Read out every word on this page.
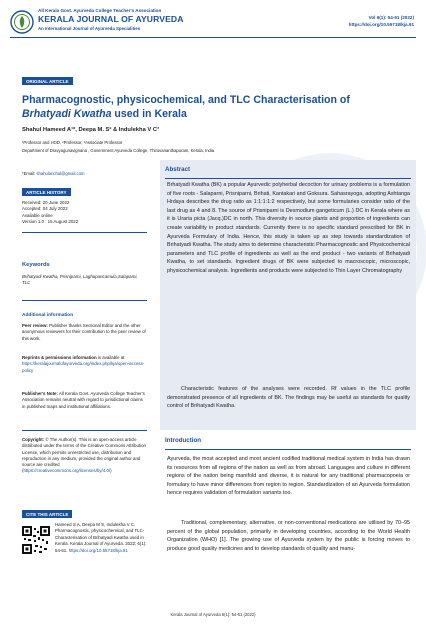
All Kerala Govt. Ayurveda College Teacher's Association
KERALA JOURNAL OF AYURVEDA
An International Journal of Ayurveda Specialities
Vol 6(1): 54-61 (2022)
https://doi.org/10.55718/kja.91
ORIGINAL ARTICLE
Pharmacognostic, physicochemical, and TLC Characterisation of
Brhatyadi Kwatha used in Kerala
Shahul Hameed A¹*, Deepa M. S² & Indulekha V C³
¹Professor and HOD, ²Professor, ³Associate Professor
Department of Dravyagunavignana , Government Ayurveda College, Thiruvananthapuram, Kerala, India
*Email: shahulanchal@gmail.com
ARTICLE HISTORY
Received: 20 June 2022
Accepted: 04 July 2022
Available online
Version 1.0 : 15 August 2022
Keywords
Brihatyadi Kwatha, Prisniparni, Laghupancamula,Salaparni, TLC
Additional information
Peer review: Publisher thanks Sectional Editor and the other anonymous reviewers for their contribution to the peer review of this work.
Reprints & permissions information is available at https://keralajournalofayurveda.org/index.php/kja/open-access-policy
Publisher's Note: All Kerala Govt. Ayurveda College Teacher's Association remains neutral with regard to jurisdictional claims in published maps and institutional affiliations.
Copyright: © The Author(s). This is an open-access article distributed under the terms of the Creative Commons Attribution License, which permits unrestricted use, distribution and reproduction in any medium, provided the original author and source are credited (https://creativecommons.org/licenses/by/4.0/)
CITE THIS ARTICLE
Hameed S A, Deepa M S, Indulekha V C. Pharmacognostic, physicochemical, and TLC-Characterisation of Brihatyadi Kwatha used in Kerala. Kerala Journal of Ayurveda. 2022; 6(1): 54-61. https://doi.org/10.55718/kja.91
Abstract
Brhatyadi Kwatha (BK) a popular Ayurvedic polyherbal decoction for urinary problems is a formulation of five roots - Salaparni, Prisniparni, Brihati, Kantakari and Goksura. Sahasrayoga, adopting Ashtanga Hrdaya describes the drug ratio as 1:1:1:1:2 respectively, but some formularies consider ratio of the last drug as 4 and 8. The source of Prisniparni is Desmodium gangeticum (L.) DC in Kerala where as it is Uraria picta (Jacq.)DC in north. This diversity in source plants and proportion of ingredients can create variability in product standards. Currently there is no specific standard prescribed for BK in Ayurveda Formulary of India. Hence, this study is taken up as step towards standardization of Brihatyadi Kwatha. The study aims to determine characteristic Pharmacognostic and Physicochemical parameters and TLC profile of ingredients as well as the end product - two variants of Brihatyadi Kwatha, to set standards. Ingredient drugs of BK were subjected to macroscopic, microscopic, physicochemical analysis. Ingredients and products were subjected to Thin Layer Chromatography
Characteristic features of the analyses were recorded. Rf values in the TLC profile demonstrated presence of all ingredients of BK. The findings may be useful as standards for quality control of Brihatyadi Kwatha.
Introduction
Ayurveda, the most accepted and most ancient codified traditional medical system in India has drawn its resources from all regions of the nation as well as from abroad. Languages and culture in different regions of the nation being manifold and diverse, it is natural for any traditional pharmacopoeia or formulary to have minor differences from region to region. Standardization of an Ayurveda formulation hence requires validation of formulation variants too.
Traditional, complementary, alternative, or non-conventional medications are utilised by 70–95 percent of the global population, primarily in developing countries, according to the World Health Organization (WHO) [1]. The growing use of Ayurveda system by the public is forcing moves to produce good quality medicines and to develop standards of quality and manu-
Kerala Journal of Ayurveda 6(1): 54-61 (2022)
